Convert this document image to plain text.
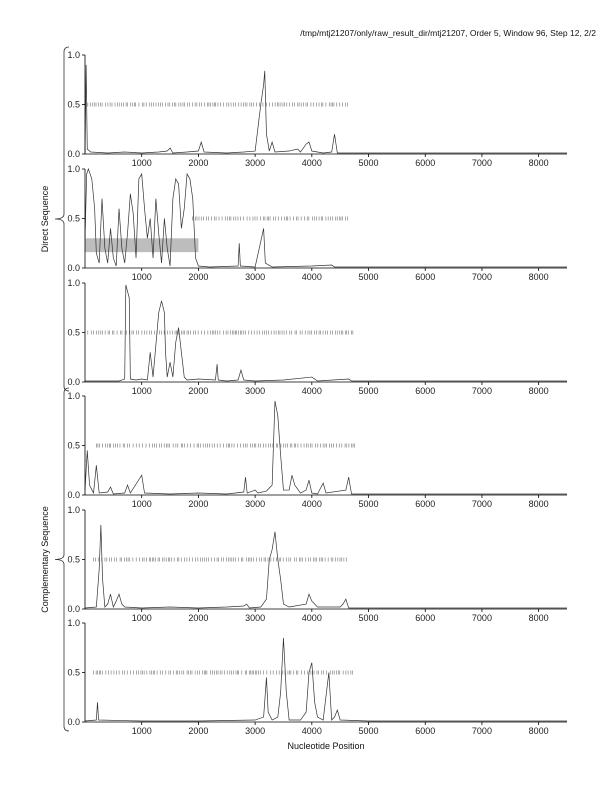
/tmp/mtj21207/only/raw_result_dir/mtj21207, Order 5, Window 96, Step 12, 2/2
0.0
0.5
1.0
1000	2000	3000	4000	5000	6000	7000	8000
0.0
0.5
1.0
1000	2000	3000	4000	5000	6000	7000	8000
0.0
0.5
1.0
1000	2000	3000	4000	5000	6000	7000	8000
0.0
0.5
1.0
1000	2000	3000	4000	5000	6000	7000	8000
0.0
0.5
1.0
1000	2000	3000	4000	5000	6000	7000	8000
0.0
0.5
1.0
1000	2000	3000	4000	5000	6000	7000	8000
Direct Sequence
Complementary Sequence
Nucleotide Position
